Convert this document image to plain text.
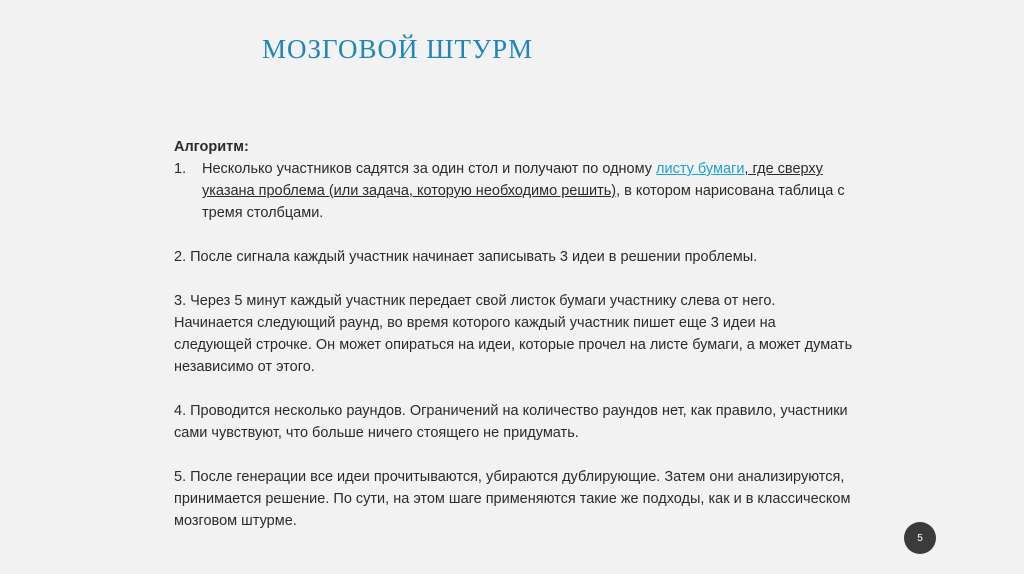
МОЗГОВОЙ ШТУРМ

Алгоритм:

1.	Несколько участников садятся за один стол и получают по одному листу бумаги, где сверху указана проблема (или задача, которую необходимо решить), в котором нарисована таблица с тремя столбцами.

2. После сигнала каждый участник начинает записывать 3 идеи в решении проблемы.

3. Через 5 минут каждый участник передает свой листок бумаги участнику слева от него. Начинается следующий раунд, во время которого каждый участник пишет еще 3 идеи на следующей строчке. Он может опираться на идеи, которые прочел на листе бумаги, а может думать независимо от этого.

4. Проводится несколько раундов. Ограничений на количество раундов нет, как правило, участники сами чувствуют, что больше ничего стоящего не придумать.

5. После генерации все идеи прочитываются, убираются дублирующие. Затем они анализируются, принимается решение. По сути, на этом шаге применяются такие же подходы, как и в классическом мозговом штурме.

5
